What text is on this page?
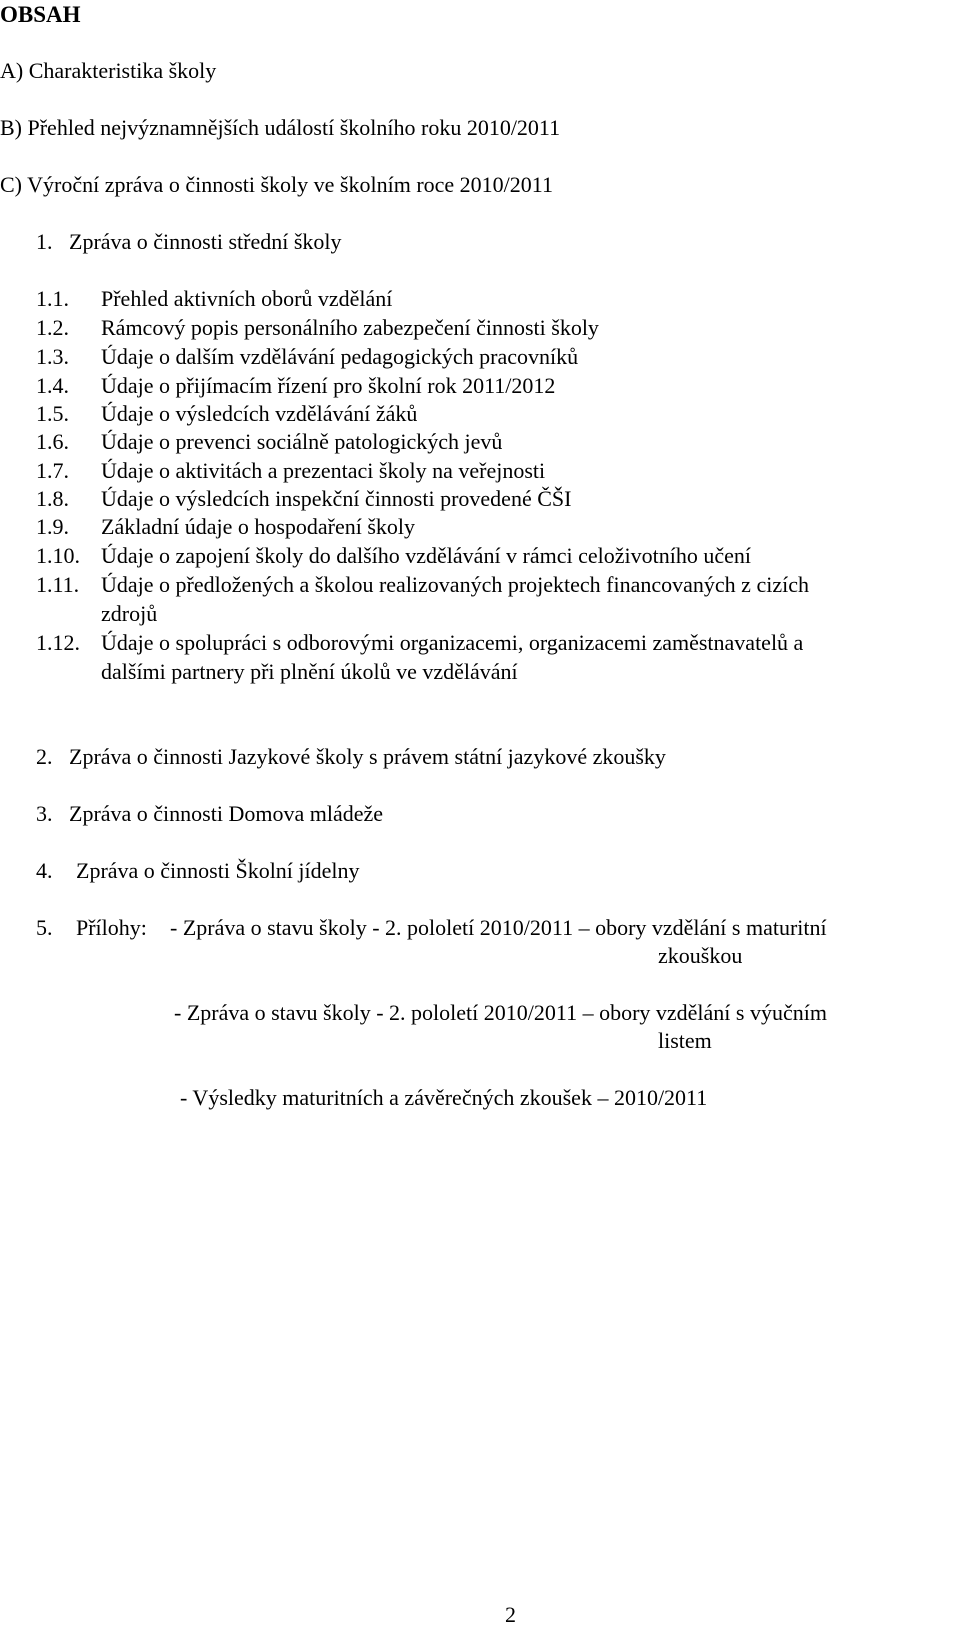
OBSAH
A) Charakteristika školy
B) Přehled nejvýznamnějších událostí školního roku 2010/2011
C) Výroční zpráva o činnosti školy ve školním roce 2010/2011
1. Zpráva o činnosti střední školy
1.1. Přehled aktivních oborů vzdělání
1.2. Rámcový popis personálního zabezpečení činnosti školy
1.3. Údaje o dalším vzdělávání pedagogických pracovníků
1.4. Údaje o přijímacím řízení pro školní rok 2011/2012
1.5. Údaje o výsledcích vzdělávání žáků
1.6. Údaje o prevenci sociálně patologických jevů
1.7. Údaje o aktivitách a prezentaci školy na veřejnosti
1.8. Údaje o výsledcích inspekční činnosti provedené ČŠI
1.9. Základní údaje o hospodaření školy
1.10. Údaje o zapojení školy do dalšího vzdělávání v rámci celoživotního učení
1.11. Údaje o předložených a školou realizovaných projektech financovaných z cizích
zdrojů
1.12. Údaje o spolupráci s odborovými organizacemi, organizacemi zaměstnavatelů a
dalšími partnery při plnění úkolů ve vzdělávání
2. Zpráva o činnosti Jazykové školy s právem státní jazykové zkoušky
3. Zpráva o činnosti Domova mládeže
4. Zpráva o činnosti Školní jídelny
5. Přílohy: - Zpráva o stavu školy - 2. pololetí 2010/2011 – obory vzdělání s maturitní
zkouškou
- Zpráva o stavu školy - 2. pololetí 2010/2011 – obory vzdělání s výučním
listem
- Výsledky maturitních a závěrečných zkoušek – 2010/2011
2
